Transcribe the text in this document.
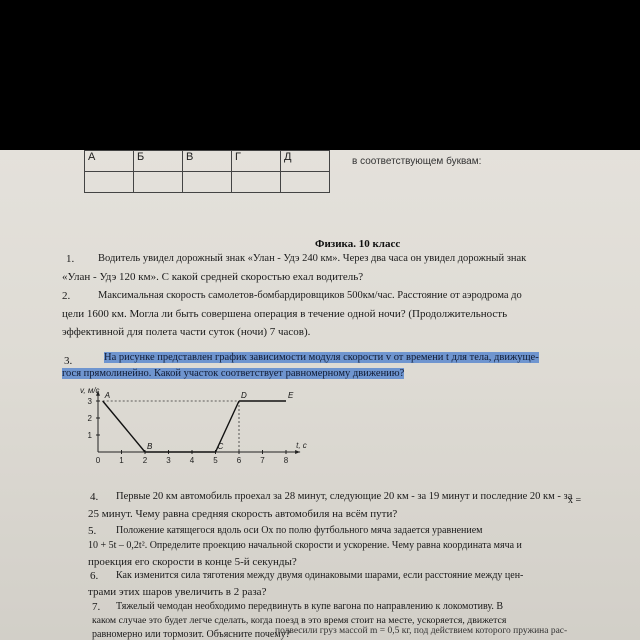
А	Б	В	Г	Д
					в соответствующем буквам:
Физика. 10 класс
1. Водитель увидел дорожный знак «Улан - Удэ 240 км». Через два часа он увидел дорожный знак
«Улан - Удэ 120 км». С какой средней скоростью ехал водитель?
2.	Максимальная скорость самолетов-бомбардировщиков 500км/час. Расстояние от аэродрома до
цели 1600 км. Могла ли быть совершена операция в течение одной ночи? (Продолжительность
эффективной для полета части суток (ночи) 7 часов).
3.	На рисунке представлен график зависимости модуля скорости v от времени t для тела, движуще-
гося прямолинейно. Какой участок соответствует равномерному движению?
0 1 2 3 4 5 6 7 8
1
2
3
v, м/с
t, с
A
B	C
D	E
4. Первые 20 км автомобиль проехал за 28 минут, следующие 20 км - за 19 минут и последние 20 км - за
25 минут. Чему равна средняя скорость автомобиля на всём пути?
5. Положение катящегося вдоль оси Ох по полю футбольного мяча задается уравнением
x =
10 + 5t – 0,2t². Определите проекцию начальной скорости и ускорение. Чему равна координата мяча и
проекция его скорости в конце 5-й секунды?
6. Как изменится сила тяготения между двумя одинаковыми шарами, если расстояние между цен-
трами этих шаров увеличить в 2 раза?
7. Тяжелый чемодан необходимо передвинуть в купе вагона по направлению к локомотиву. В
каком случае это будет легче сделать, когда поезд в это время стоит на месте, ускоряется, движется
равномерно или тормозит. Объясните почему?
подвесили груз массой m = 0,5 кг, под действием которого пружина рас-
